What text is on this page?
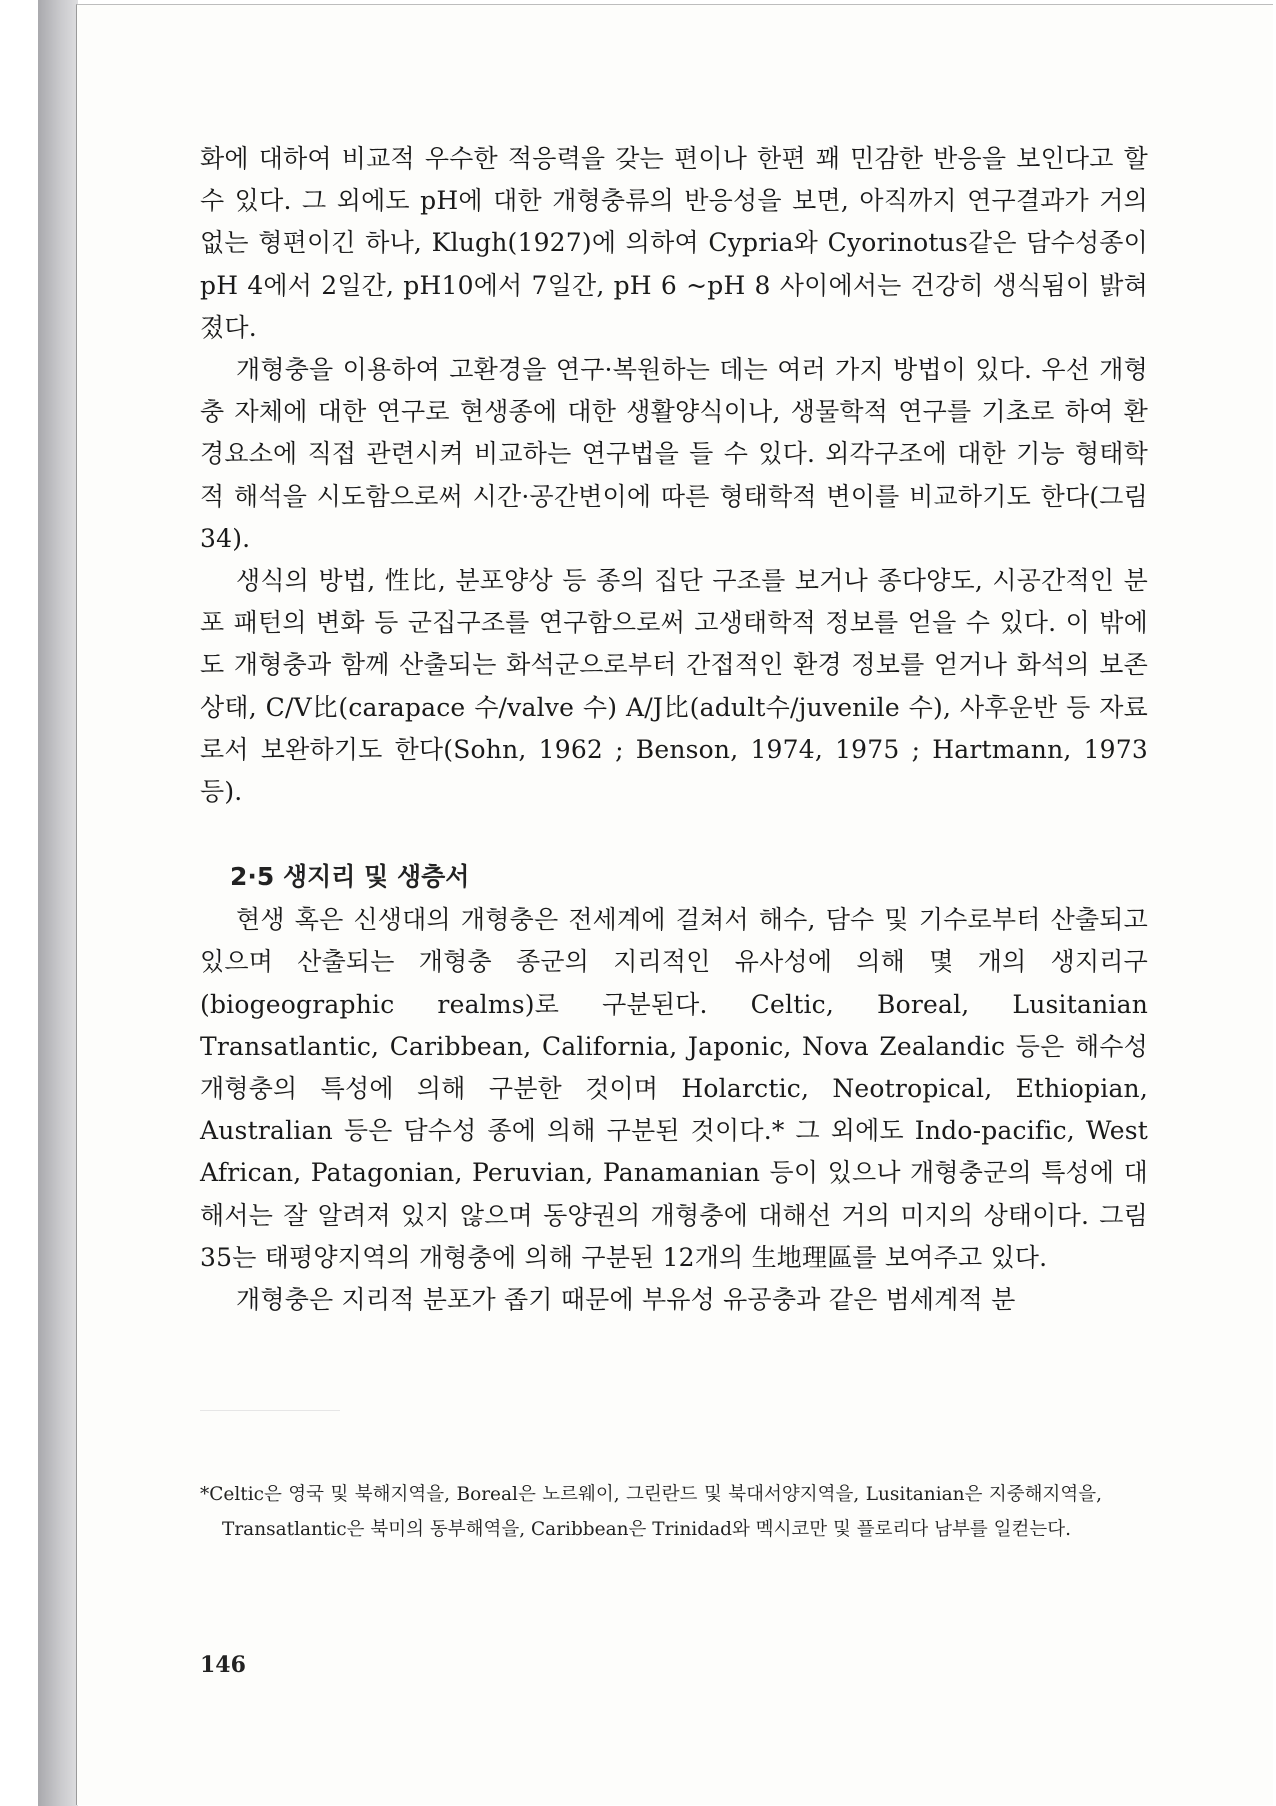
화에 대하여 비교적 우수한 적응력을 갖는 편이나 한편 꽤 민감한 반응을 보인다고 할 수 있다. 그 외에도 pH에 대한 개형충류의 반응성을 보면, 아직까지 연구결과가 거의 없는 형편이긴 하나, Klugh(1927)에 의하여 Cypria와 Cyorinotus같은 담수성종이 pH 4에서 2일간, pH10에서 7일간, pH 6 ~pH 8 사이에서는 건강히 생식됨이 밝혀졌다.

개형충을 이용하여 고환경을 연구·복원하는 데는 여러 가지 방법이 있다. 우선 개형충 자체에 대한 연구로 현생종에 대한 생활양식이나, 생물학적 연구를 기초로 하여 환경요소에 직접 관련시켜 비교하는 연구법을 들 수 있다. 외각구조에 대한 기능 형태학적 해석을 시도함으로써 시간·공간변이에 따른 형태학적 변이를 비교하기도 한다(그림 34).

생식의 방법, 性比, 분포양상 등 종의 집단 구조를 보거나 종다양도, 시공간적인 분포 패턴의 변화 등 군집구조를 연구함으로써 고생태학적 정보를 얻을 수 있다. 이 밖에도 개형충과 함께 산출되는 화석군으로부터 간접적인 환경 정보를 얻거나 화석의 보존상태, C/V比(carapace 수/valve 수) A/J比(adult수/juvenile 수), 사후운반 등 자료로서 보완하기도 한다(Sohn, 1962 ; Benson, 1974, 1975 ; Hartmann, 1973 등).

2·5 생지리 및 생층서

현생 혹은 신생대의 개형충은 전세계에 걸쳐서 해수, 담수 및 기수로부터 산출되고 있으며 산출되는 개형충 종군의 지리적인 유사성에 의해 몇 개의 생지리구(biogeographic realms)로 구분된다. Celtic, Boreal, Lusitanian Transatlantic, Caribbean, California, Japonic, Nova Zealandic 등은 해수성 개형충의 특성에 의해 구분한 것이며 Holarctic, Neotropical, Ethiopian, Australian 등은 담수성 종에 의해 구분된 것이다.* 그 외에도 Indo-pacific, West African, Patagonian, Peruvian, Panamanian 등이 있으나 개형충군의 특성에 대해서는 잘 알려져 있지 않으며 동양권의 개형충에 대해선 거의 미지의 상태이다. 그림35는 태평양지역의 개형충에 의해 구분된 12개의 生地理區를 보여주고 있다.

개형충은 지리적 분포가 좁기 때문에 부유성 유공충과 같은 범세계적 분

*Celtic은 영국 및 북해지역을, Boreal은 노르웨이, 그린란드 및 북대서양지역을, Lusitanian은 지중해지역을, Transatlantic은 북미의 동부해역을, Caribbean은 Trinidad와 멕시코만 및 플로리다 남부를 일컫는다.

146
